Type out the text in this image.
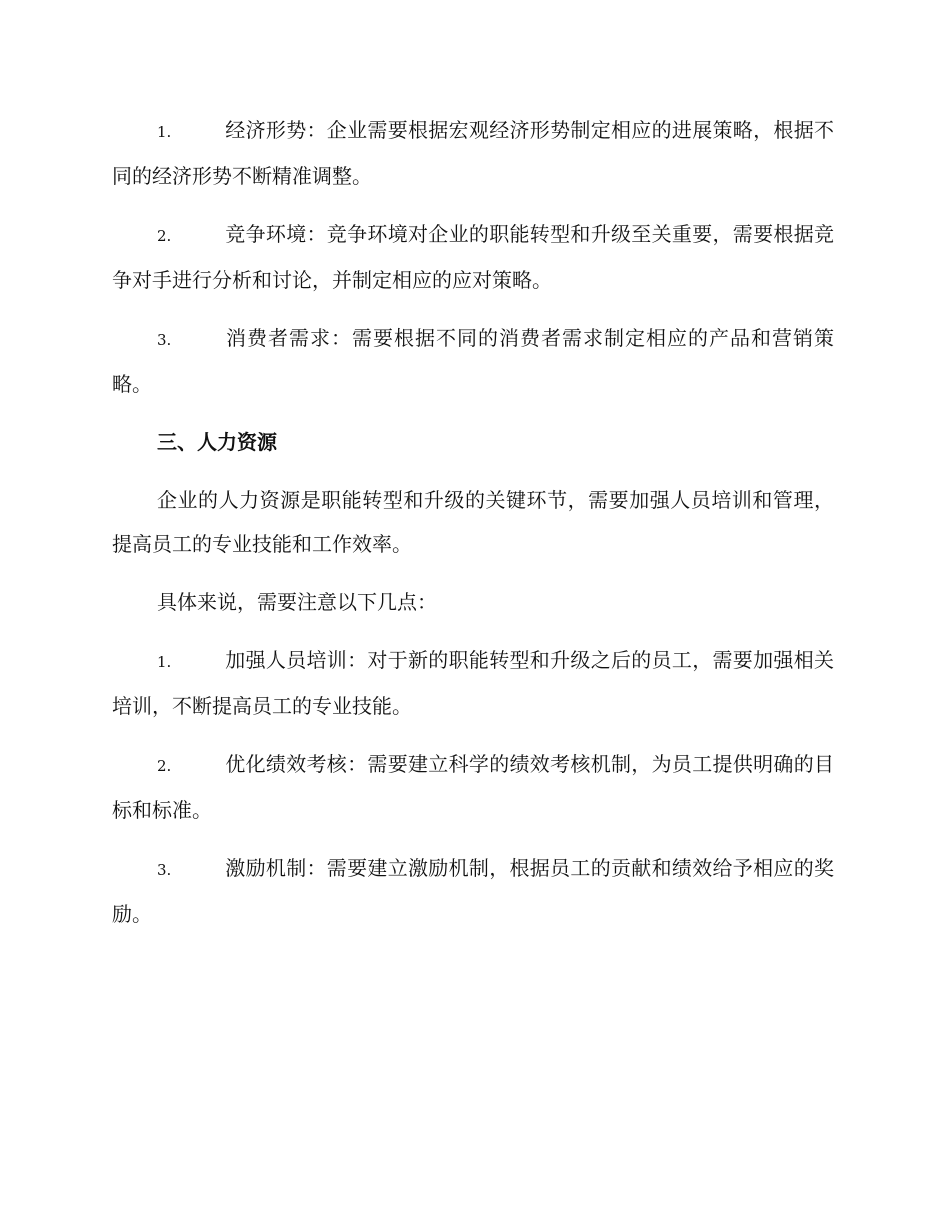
1.	经济形势：企业需要根据宏观经济形势制定相应的进展策略，根据不同的经济形势不断精准调整。

2.	竞争环境：竞争环境对企业的职能转型和升级至关重要，需要根据竞争对手进行分析和讨论，并制定相应的应对策略。

3.	消费者需求：需要根据不同的消费者需求制定相应的产品和营销策略。

三、人力资源

企业的人力资源是职能转型和升级的关键环节，需要加强人员培训和管理，提高员工的专业技能和工作效率。

具体来说，需要注意以下几点：

1.	加强人员培训：对于新的职能转型和升级之后的员工，需要加强相关培训，不断提高员工的专业技能。

2.	优化绩效考核：需要建立科学的绩效考核机制，为员工提供明确的目标和标准。

3.	激励机制：需要建立激励机制，根据员工的贡献和绩效给予相应的奖励。
